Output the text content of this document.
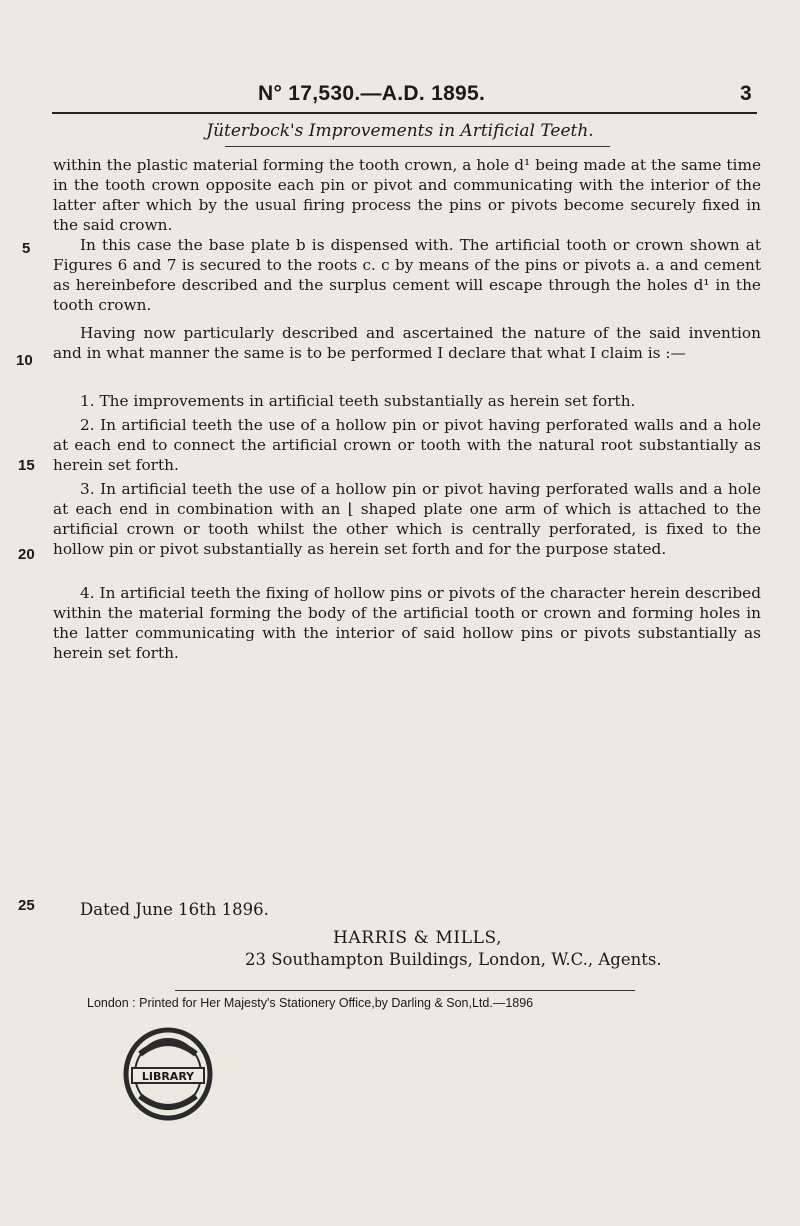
N° 17,530.—A.D. 1895.	3
Jüterbock's Improvements in Artificial Teeth.

within the plastic material forming the tooth crown, a hole d¹ being made at the same time in the tooth crown opposite each pin or pivot and communicating with the interior of the latter after which by the usual firing process the pins or pivots become securely fixed in the said crown.

In this case the base plate b is dispensed with. The artificial tooth or crown shown at Figures 6 and 7 is secured to the roots c. c by means of the pins or pivots a. a and cement as hereinbefore described and the surplus cement will escape through the holes d¹ in the tooth crown.

Having now particularly described and ascertained the nature of the said invention and in what manner the same is to be performed I declare that what I claim is :—

1. The improvements in artificial teeth substantially as herein set forth.

2. In artificial teeth the use of a hollow pin or pivot having perforated walls and a hole at each end to connect the artificial crown or tooth with the natural root substantially as herein set forth.

3. In artificial teeth the use of a hollow pin or pivot having perforated walls and a hole at each end in combination with an ⌊ shaped plate one arm of which is attached to the artificial crown or tooth whilst the other which is centrally perforated, is fixed to the hollow pin or pivot substantially as herein set forth and for the purpose stated.

4. In artificial teeth the fixing of hollow pins or pivots of the character herein described within the material forming the body of the artificial tooth or crown and forming holes in the latter communicating with the interior of said hollow pins or pivots substantially as herein set forth.

5
10
15
20
25	Dated June 16th 1896.
HARRIS & MILLS,
23 Southampton Buildings, London, W.C., Agents.
London : Printed for Her Majesty's Stationery Office,by Darling & Son,Ltd.—1896
LIBRARY
